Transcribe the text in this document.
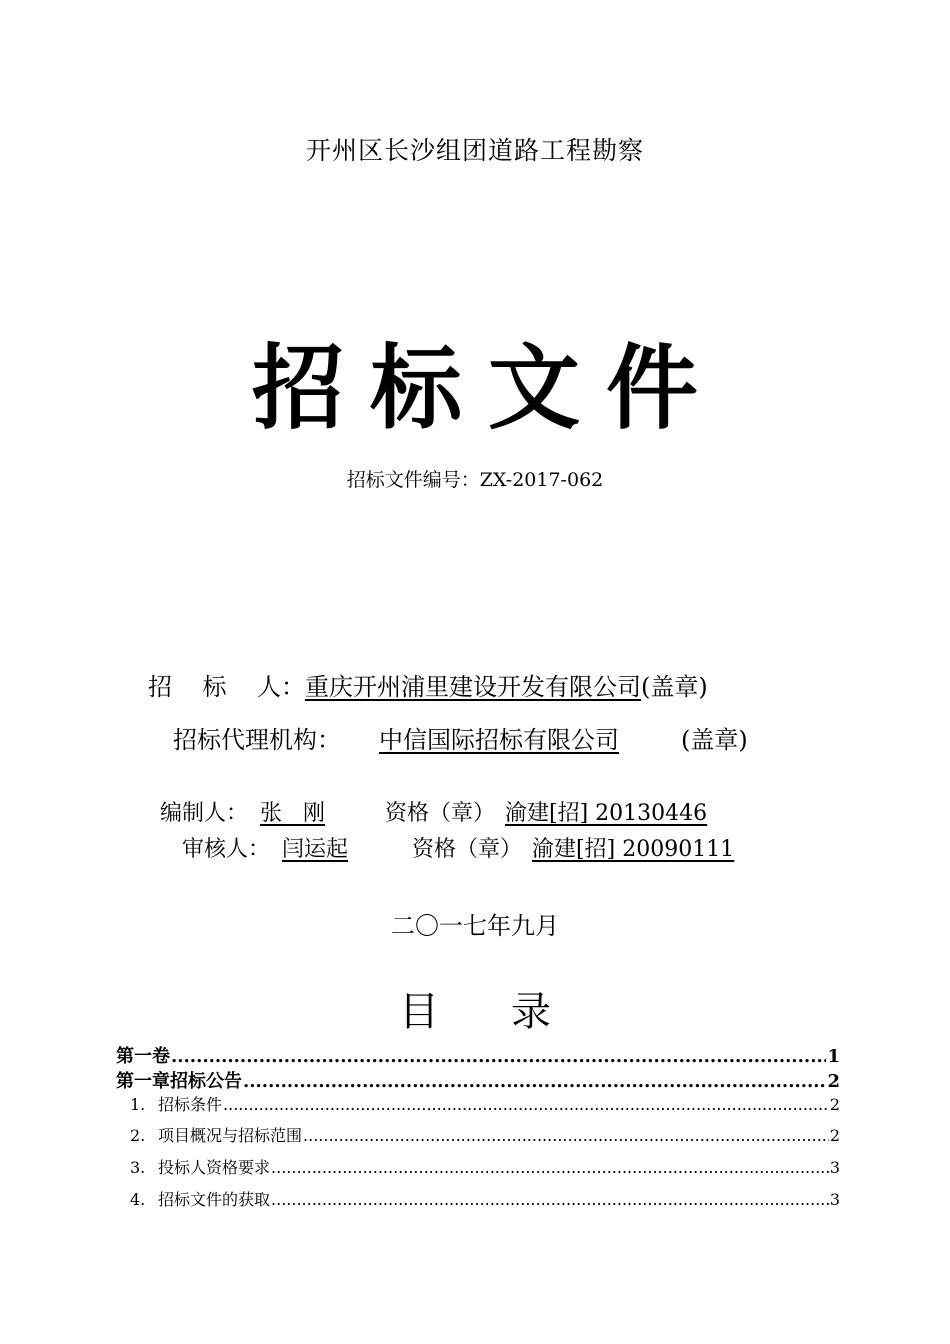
开州区长沙组团道路工程勘察
招标文件
招标文件编号：ZX-2017-062
招    标    人：重庆开州浦里建设开发有限公司(盖章)
招标代理机构： 中信国际招标有限公司	(盖章)
编制人： 张   刚	资格（章） 渝建[招] 20130446
审核人： 闫运起	资格（章） 渝建[招] 20090111
二〇一七年九月
目录
第一卷 .....	1
第一章招标公告 .....	2
1. 招标条件 .....	2
2. 项目概况与招标范围 .....	2
3. 投标人资格要求 .....	3
4. 招标文件的获取 .....	3
